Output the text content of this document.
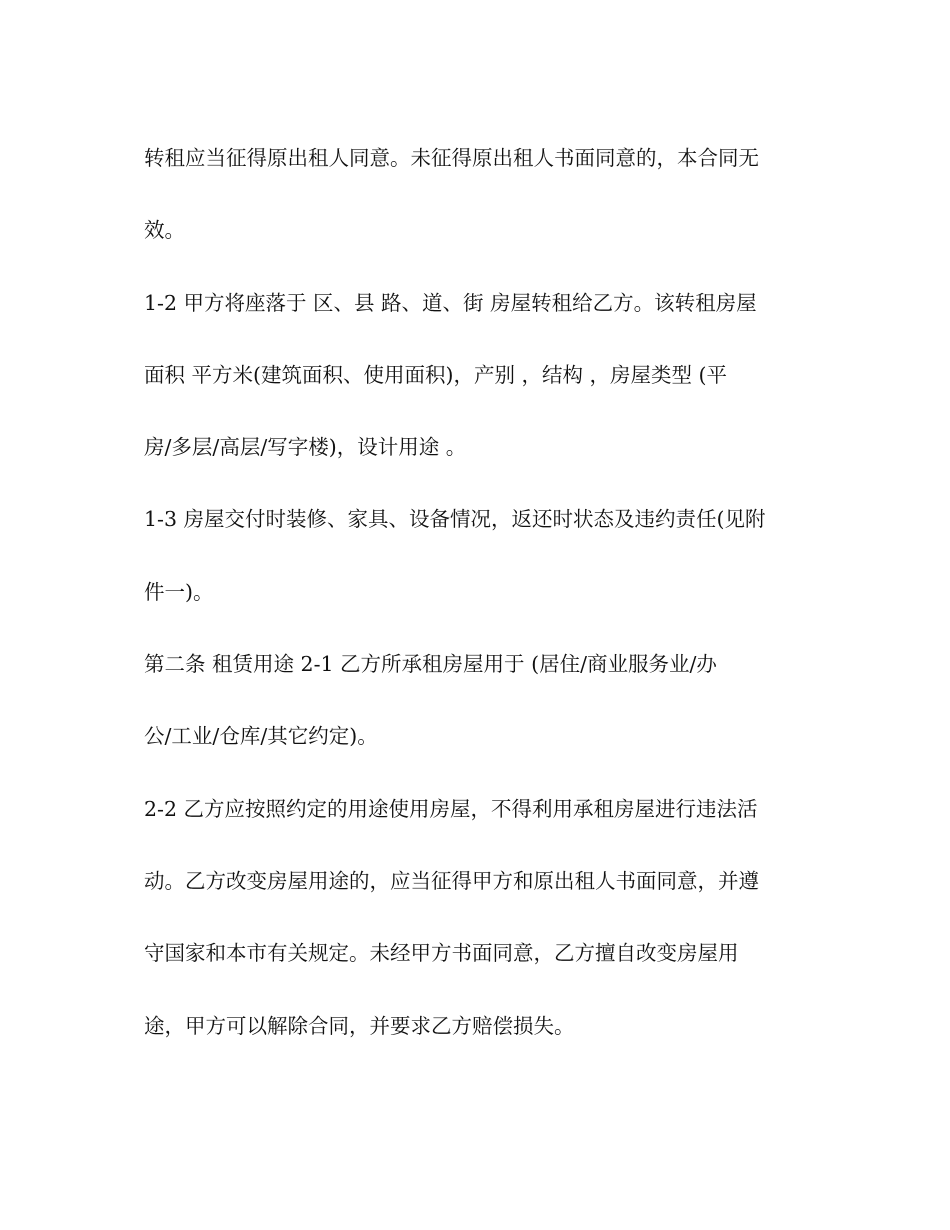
转租应当征得原出租人同意。未征得原出租人书面同意的，本合同无
效。
1-2 甲方将座落于 区、县 路、道、街 房屋转租给乙方。该转租房屋
面积 平方米(建筑面积、使用面积)，产别 ，结构 ，房屋类型 (平
房/多层/高层/写字楼)，设计用途 。
1-3 房屋交付时装修、家具、设备情况，返还时状态及违约责任(见附
件一)。
第二条 租赁用途 2-1 乙方所承租房屋用于 (居住/商业服务业/办
公/工业/仓库/其它约定)。
2-2 乙方应按照约定的用途使用房屋，不得利用承租房屋进行违法活
动。乙方改变房屋用途的，应当征得甲方和原出租人书面同意，并遵
守国家和本市有关规定。未经甲方书面同意，乙方擅自改变房屋用
途，甲方可以解除合同，并要求乙方赔偿损失。
